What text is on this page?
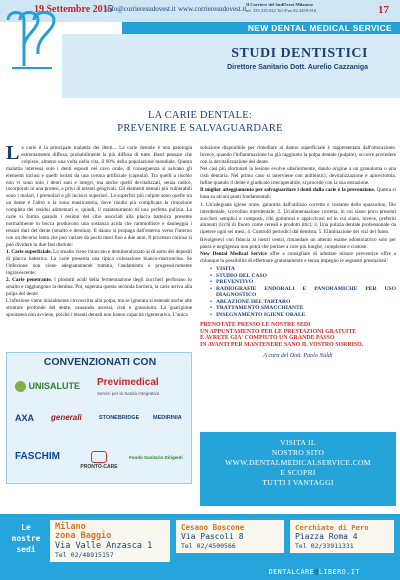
19 Settembre 2015
info@corrieresudovest.it www.corrieresudovest.it
Il Corriere del SudOvest Milanese
tel. 335.335.022 Tel./Fax 02.4459.916	17
NEW DENTAL MEDICAL SERVICE
STUDI DENTISTICI
Direttore Sanitario Dott. Aurelio Cazzaniga
LA CARIE DENTALE:
PREVENIRE E SALVAGUARDARE

La carie è la principale malattia dei denti... La carie dentale è una patologia estremamente diffusa, probabilmente la più diffusa di tutte. Basti pensare che colpisce, almeno una volta nella vita, il 90% della popolazione mondiale. Questa malattia interessa solo i denti esposti nel cavo orale, di conseguenza si salvano gli elementi inclusi e quelli isolati da una corona artificiale (capsula). Tra quelli a rischio non vi sono solo i denti sani e integri, ma anche quelli devitalizzati, senza radice, incorporati in una protesi, e privi di tessuti gengivali. Gli elementi dentali più vulnerabili sono i molari, i premolari e gli incisivi superiori. Le superfici più colpite sono quelle tra un dente e l'altro e la zona masticatoria, dove risulta più complicata la rimozione completa dei residui alimentari e, quindi, il mantenimento di una perfetta pulizia. La carie si forma quando i residui del cibo associati alla placca batterica presente normalmente in bocca producono una sostanza acida che rammollisce e danneggia i tessuti duri del dente (smalto e dentina). Il danno si propaga dall'esterno verso l'interno con un decorso lento che può variare da pochi mesi fino a due anni. Il processo carioso si può dividere in due fasi distinte:

1. Carie superficiale. Lo smalto viene intaccato e demineralizzato al di sotto dei depositi di placca batterica. La carie presenta una tipica colorazione bianco-marroncina. Se l'infezione non viene adeguatamente trattata, l'andamento è progressivamente ingravescente;

2. Carie penetrante. I prodotti acidi della fermentazione degli zuccheri perforano lo smalto e raggiungono la dentina. Poi, superata questa seconda barriera, la carie arriva alla polpa del dente.

L'infezione viene inizialmente circoscritta alla polpa, ma se ignorata si estende anche alle strutture profonde del dente, causando ascessi, cisti e granulomi. La guarigione spontanea non avviene, poiché i tessuti dentali non hanno capacità rigenerativa. L'unica

CONVENZIONATI CON
UNISALUTE Previmedical
Servizi per la Sanità Integrativa
AXA generali	STONEBRIDGE	MEDIRINIA
FASCHIM
PRONTO-CARE
Fondo Sanitario Dirigenti

soluzione disponibile per rimediare al danno superficiale è rappresentata dall'otturazione. Invece, quando l'infiammazione ha già raggiunto la polpa dentale (pulpite), occorre procedere con la devitalizzazione del dente.

Nei casi più sfortunati la lesione evolve ulteriormente, dando origine a un granuloma o una cisti dentaria. Nel primo caso si interviene con antibiotici, devitalizzazione e apicectomia. Infine quando il dente è giudicato irrecuperabile, si procede con la sua estrazione.

Il miglior atteggiamento per salvaguardare i denti dalla carie è la prevenzione. Questa si basa su alcuni punti fondamentali:

1. Un'adeguata igiene orale, garantita dall'utilizzo corretto e costante dello spazzolino, filo interdentale, scovolino interdentale; 2. Un'alimentazione corretta, in cui siano poco presenti zuccheri semplici e composti, cibi gommosi e appiccicosi ed in cui siano, invece, preferiti alimenti ricchi di fluoro come cereali e prodotti ittici; 3. Una pulizia dentale professionale da ripetere ogni sei mesi; 4. Controlli periodici dal dentista; 5. Eliminazione dei vizi del fumo.

Rivolgetevi con fiducia ai nostri centri, rimandare un attento esame odontoiatrico solo per paura o negligenza non potrà che portare a cure più lunghe, complesse e costose.

New Dental Medical Service offre a consigliare di adottare misure preventive offre a chiunque la possibilità di effettuare gratuitamente e senza impegno le seguenti prestazioni:

• VISITA
• STUDIO DEL CASO
• PREVENTIVO
• RADIOGRAFIE ENDORALI E PANORAMICHE PER USO DIAGNOSTICO
• ABLAZIONE DEL TARTARO
• TRATTAMENTO SMACCHIANTE
• INSEGNAMENTO IGIENE ORALE
PRENOTATE PRESSO LE NOSTRE SEDI
UN APPUNTAMENTO PER LE PRESTAZIONI GRATUITE
E AVRETE GIA' COMPIUTO UN GRANDE PASSO
IN AVANTI PER MANTENERE SANO IL VOSTRO SORRISO.
A cura del Dott. Paolo Naldi
VISITA IL
NOSTRO SITO
WWW.DENTALMEDICALSERVICE.COM
E SCOPRI
TUTTI I VANTAGGI
Le
nostre
sedi
Milano
zona Baggio
Via Valle Anzasca 1
Tel 02/48915157
Cesano Boscone
Via Pascoli 8
Tel 02/4500566
Cerchiate di Pero
Piazza Roma 4
Tel 02/33911331
DENTALCARE@LIBERO.IT
